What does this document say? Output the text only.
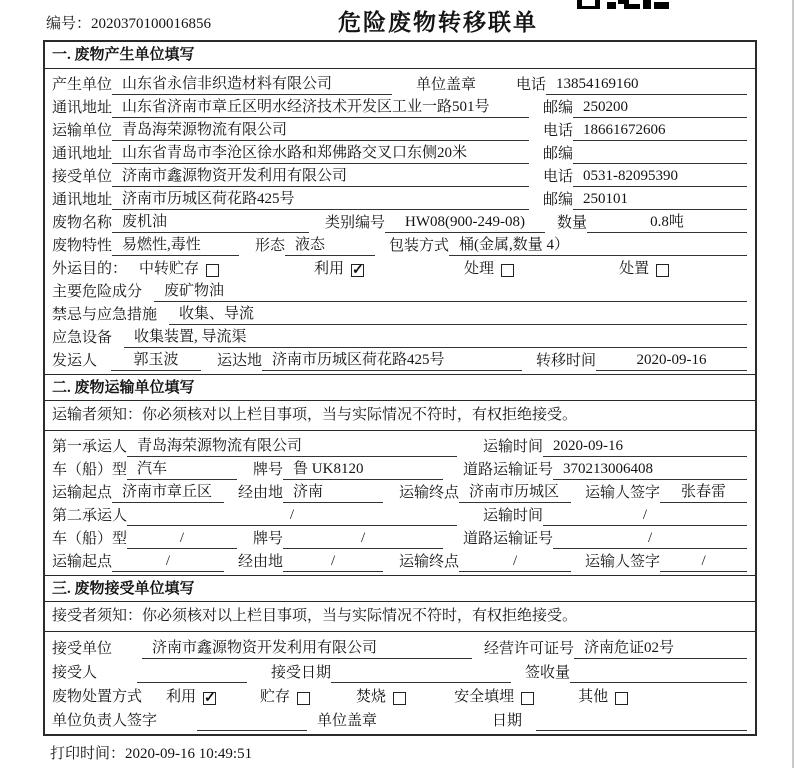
编号：2020370100016856	危险废物转移联单
一. 废物产生单位填写
产生单位 山东省永信非织造材料有限公司	单位盖章	电话 13854169160
通讯地址 山东省济南市章丘区明水经济技术开发区工业一路501号	邮编 250200
运输单位 青岛海荣源物流有限公司	电话 18661672606
通讯地址 山东省青岛市李沧区徐水路和郑佛路交叉口东侧20米	邮编
接受单位 济南市鑫源物资开发利用有限公司	电话 0531-82095390
通讯地址 济南市历城区荷花路425号	邮编 250101
废物名称 废机油	类别编号	HW08(900-249-08)	数量	0.8吨
废物特性 易燃性,毒性	形态 液态	包装方式 桶(金属,数量 4）
外运目的： 中转贮存	利用 ✓	处理	处置
主要危险成分	废矿物油
禁忌与应急措施	收集、导流
应急设备	收集装置, 导流渠
发运人	郭玉波	运达地 济南市历城区荷花路425号	转移时间	2020-09-16
二. 废物运输单位填写
运输者须知：你必须核对以上栏目事项，当与实际情况不符时，有权拒绝接受。
第一承运人 青岛海荣源物流有限公司	运输时间 2020-09-16
车（船）型 汽车	牌号 鲁 UK8120	道路运输证号 370213006408
运输起点 济南市章丘区	经由地 济南	运输终点 济南市历城区	运输人签字	张春雷
第二承运人	/	运输时间	/
车（船）型	/	牌号	/	道路运输证号	/
运输起点	/	经由地	/	运输终点	/	运输人签字	/
三. 废物接受单位填写
接受者须知：你必须核对以上栏目事项，当与实际情况不符时，有权拒绝接受。
接受单位	济南市鑫源物资开发利用有限公司	经营许可证号 济南危证02号
接受人	接受日期	签收量
废物处置方式 利用 ✓	贮存	焚烧	安全填埋	其他
单位负责人签字	单位盖章	日期
打印时间：2020-09-16 10:49:51
